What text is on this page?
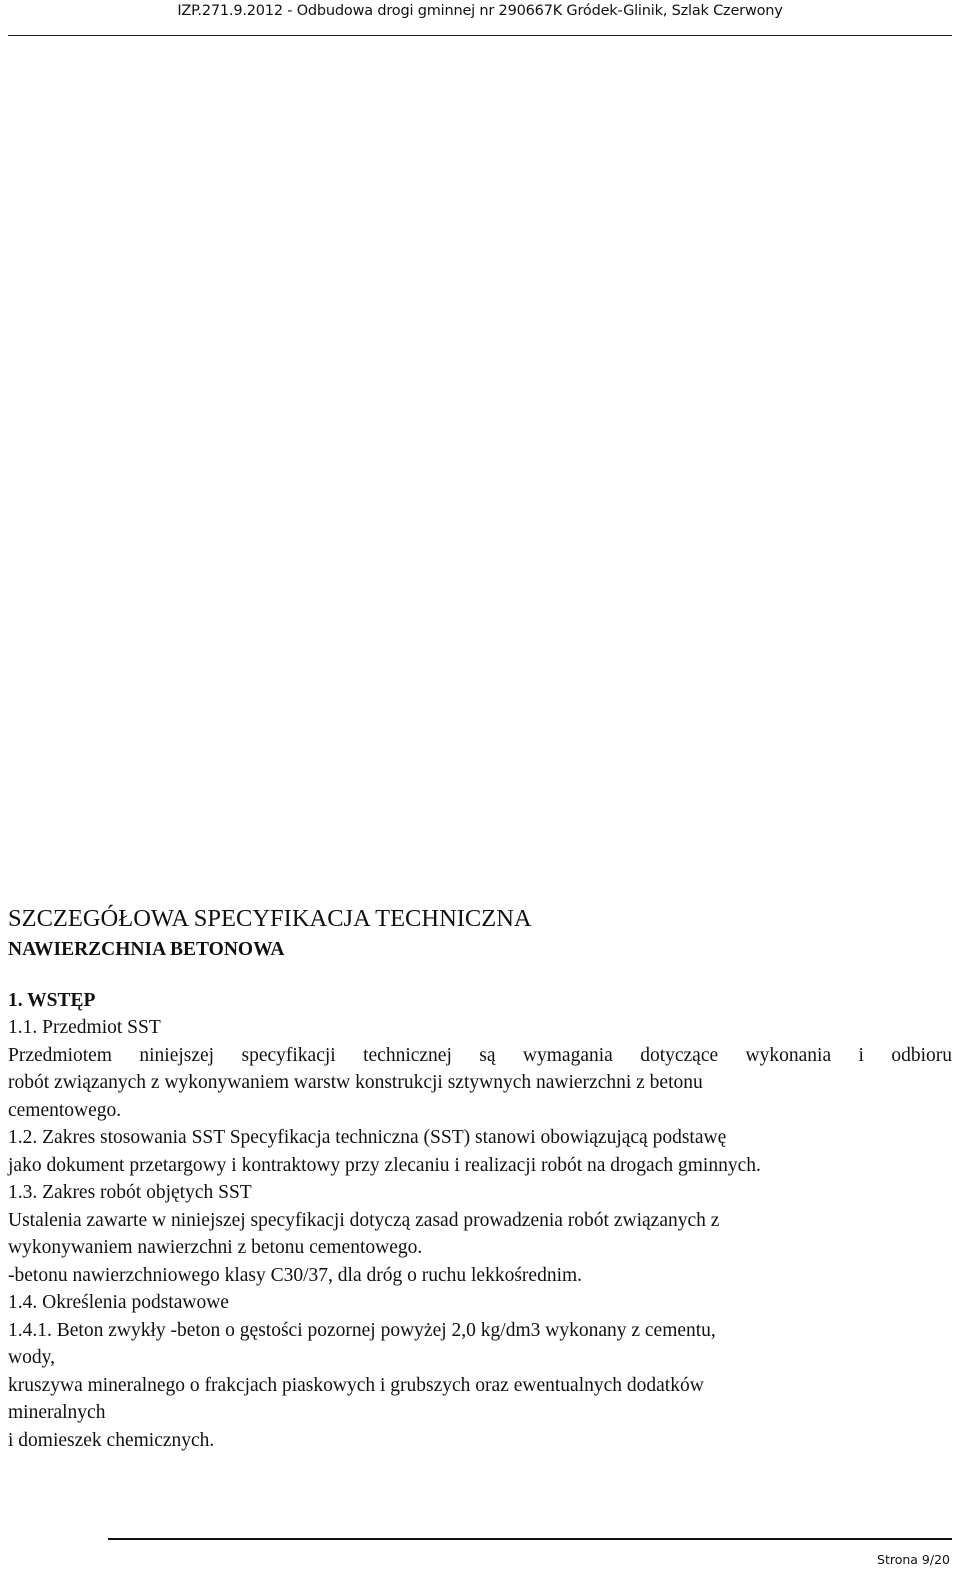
IZP.271.9.2012 - Odbudowa drogi gminnej nr 290667K Gródek-Glinik, Szlak Czerwony
SZCZEGÓŁOWA SPECYFIKACJA TECHNICZNA
NAWIERZCHNIA BETONOWA
1. WSTĘP
1.1. Przedmiot SST
Przedmiotem niniejszej specyfikacji technicznej są wymagania dotyczące wykonania i odbioru
robót związanych z wykonywaniem warstw konstrukcji sztywnych nawierzchni z betonu
cementowego.
1.2. Zakres stosowania SST Specyfikacja techniczna (SST) stanowi obowiązującą podstawę
jako dokument przetargowy i kontraktowy przy zlecaniu i realizacji robót na drogach gminnych.
1.3. Zakres robót objętych SST
Ustalenia zawarte w niniejszej specyfikacji dotyczą zasad prowadzenia robót związanych z
wykonywaniem nawierzchni z betonu cementowego.
-betonu nawierzchniowego klasy C30/37, dla dróg o ruchu lekkośrednim.
1.4. Określenia podstawowe
1.4.1. Beton zwykły -beton o gęstości pozornej powyżej 2,0 kg/dm3 wykonany z cementu,
wody,
kruszywa mineralnego o frakcjach piaskowych i grubszych oraz ewentualnych dodatków
mineralnych
i domieszek chemicznych.
Strona 9/20
